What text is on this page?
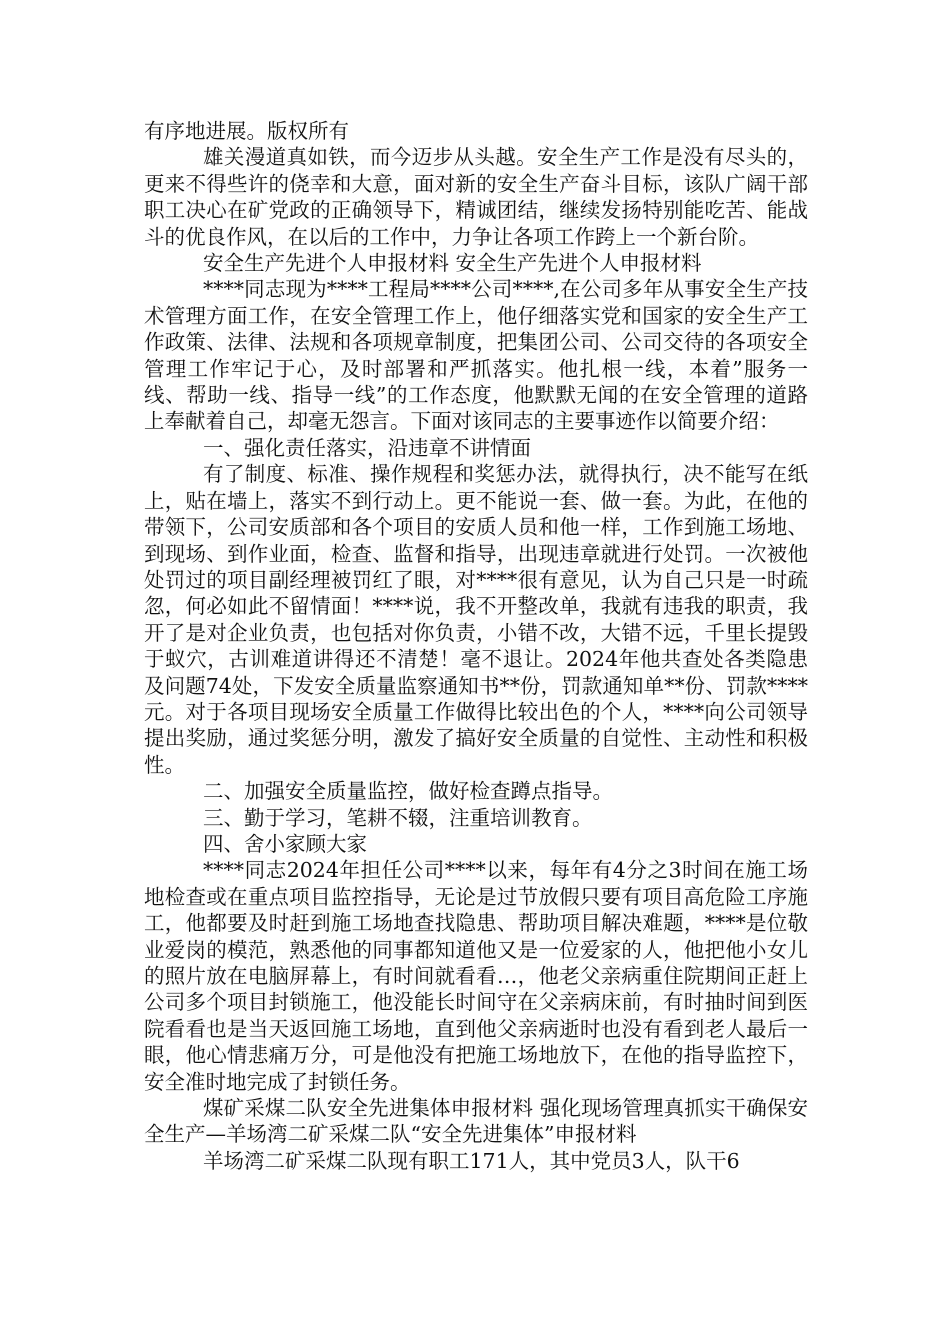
有序地进展。版权所有

雄关漫道真如铁，而今迈步从头越。安全生产工作是没有尽头的，更来不得些许的侥幸和大意，面对新的安全生产奋斗目标，该队广阔干部职工决心在矿党政的正确领导下，精诚团结，继续发扬特别能吃苦、能战斗的优良作风，在以后的工作中，力争让各项工作跨上一个新台阶。

安全生产先进个人申报材料 安全生产先进个人申报材料

****同志现为****工程局****公司****,在公司多年从事安全生产技术管理方面工作，在安全管理工作上，他仔细落实党和国家的安全生产工作政策、法律、法规和各项规章制度，把集团公司、公司交待的各项安全管理工作牢记于心，及时部署和严抓落实。他扎根一线，本着”服务一线、帮助一线、指导一线”的工作态度，他默默无闻的在安全管理的道路上奉献着自己，却毫无怨言。下面对该同志的主要事迹作以简要介绍：

一、强化责任落实，沿违章不讲情面

有了制度、标准、操作规程和奖惩办法，就得执行，决不能写在纸上，贴在墙上，落实不到行动上。更不能说一套、做一套。为此，在他的带领下，公司安质部和各个项目的安质人员和他一样，工作到施工场地、到现场、到作业面，检查、监督和指导，出现违章就进行处罚。一次被他处罚过的项目副经理被罚红了眼，对****很有意见，认为自己只是一时疏忽，何必如此不留情面！****说，我不开整改单，我就有违我的职责，我开了是对企业负责，也包括对你负责，小错不改，大错不远，千里长提毁于蚁穴，古训难道讲得还不清楚！毫不退让。2024年他共查处各类隐患及问题74处，下发安全质量监察通知书**份，罚款通知单**份、罚款****元。对于各项目现场安全质量工作做得比较出色的个人，****向公司领导提出奖励，通过奖惩分明，激发了搞好安全质量的自觉性、主动性和积极性。

二、加强安全质量监控，做好检查蹲点指导。

三、勤于学习，笔耕不辍，注重培训教育。

四、舍小家顾大家

****同志2024年担任公司****以来，每年有4分之3时间在施工场地检查或在重点项目监控指导，无论是过节放假只要有项目高危险工序施工，他都要及时赶到施工场地查找隐患、帮助项目解决难题，****是位敬业爱岗的模范，熟悉他的同事都知道他又是一位爱家的人，他把他小女儿的照片放在电脑屏幕上，有时间就看看…，他老父亲病重住院期间正赶上公司多个项目封锁施工，他没能长时间守在父亲病床前，有时抽时间到医院看看也是当天返回施工场地，直到他父亲病逝时也没有看到老人最后一眼，他心情悲痛万分，可是他没有把施工场地放下，在他的指导监控下，安全准时地完成了封锁任务。

煤矿采煤二队安全先进集体申报材料 强化现场管理真抓实干确保安全生产—羊场湾二矿采煤二队“安全先进集体”申报材料

羊场湾二矿采煤二队现有职工171人，其中党员3人，队干6
